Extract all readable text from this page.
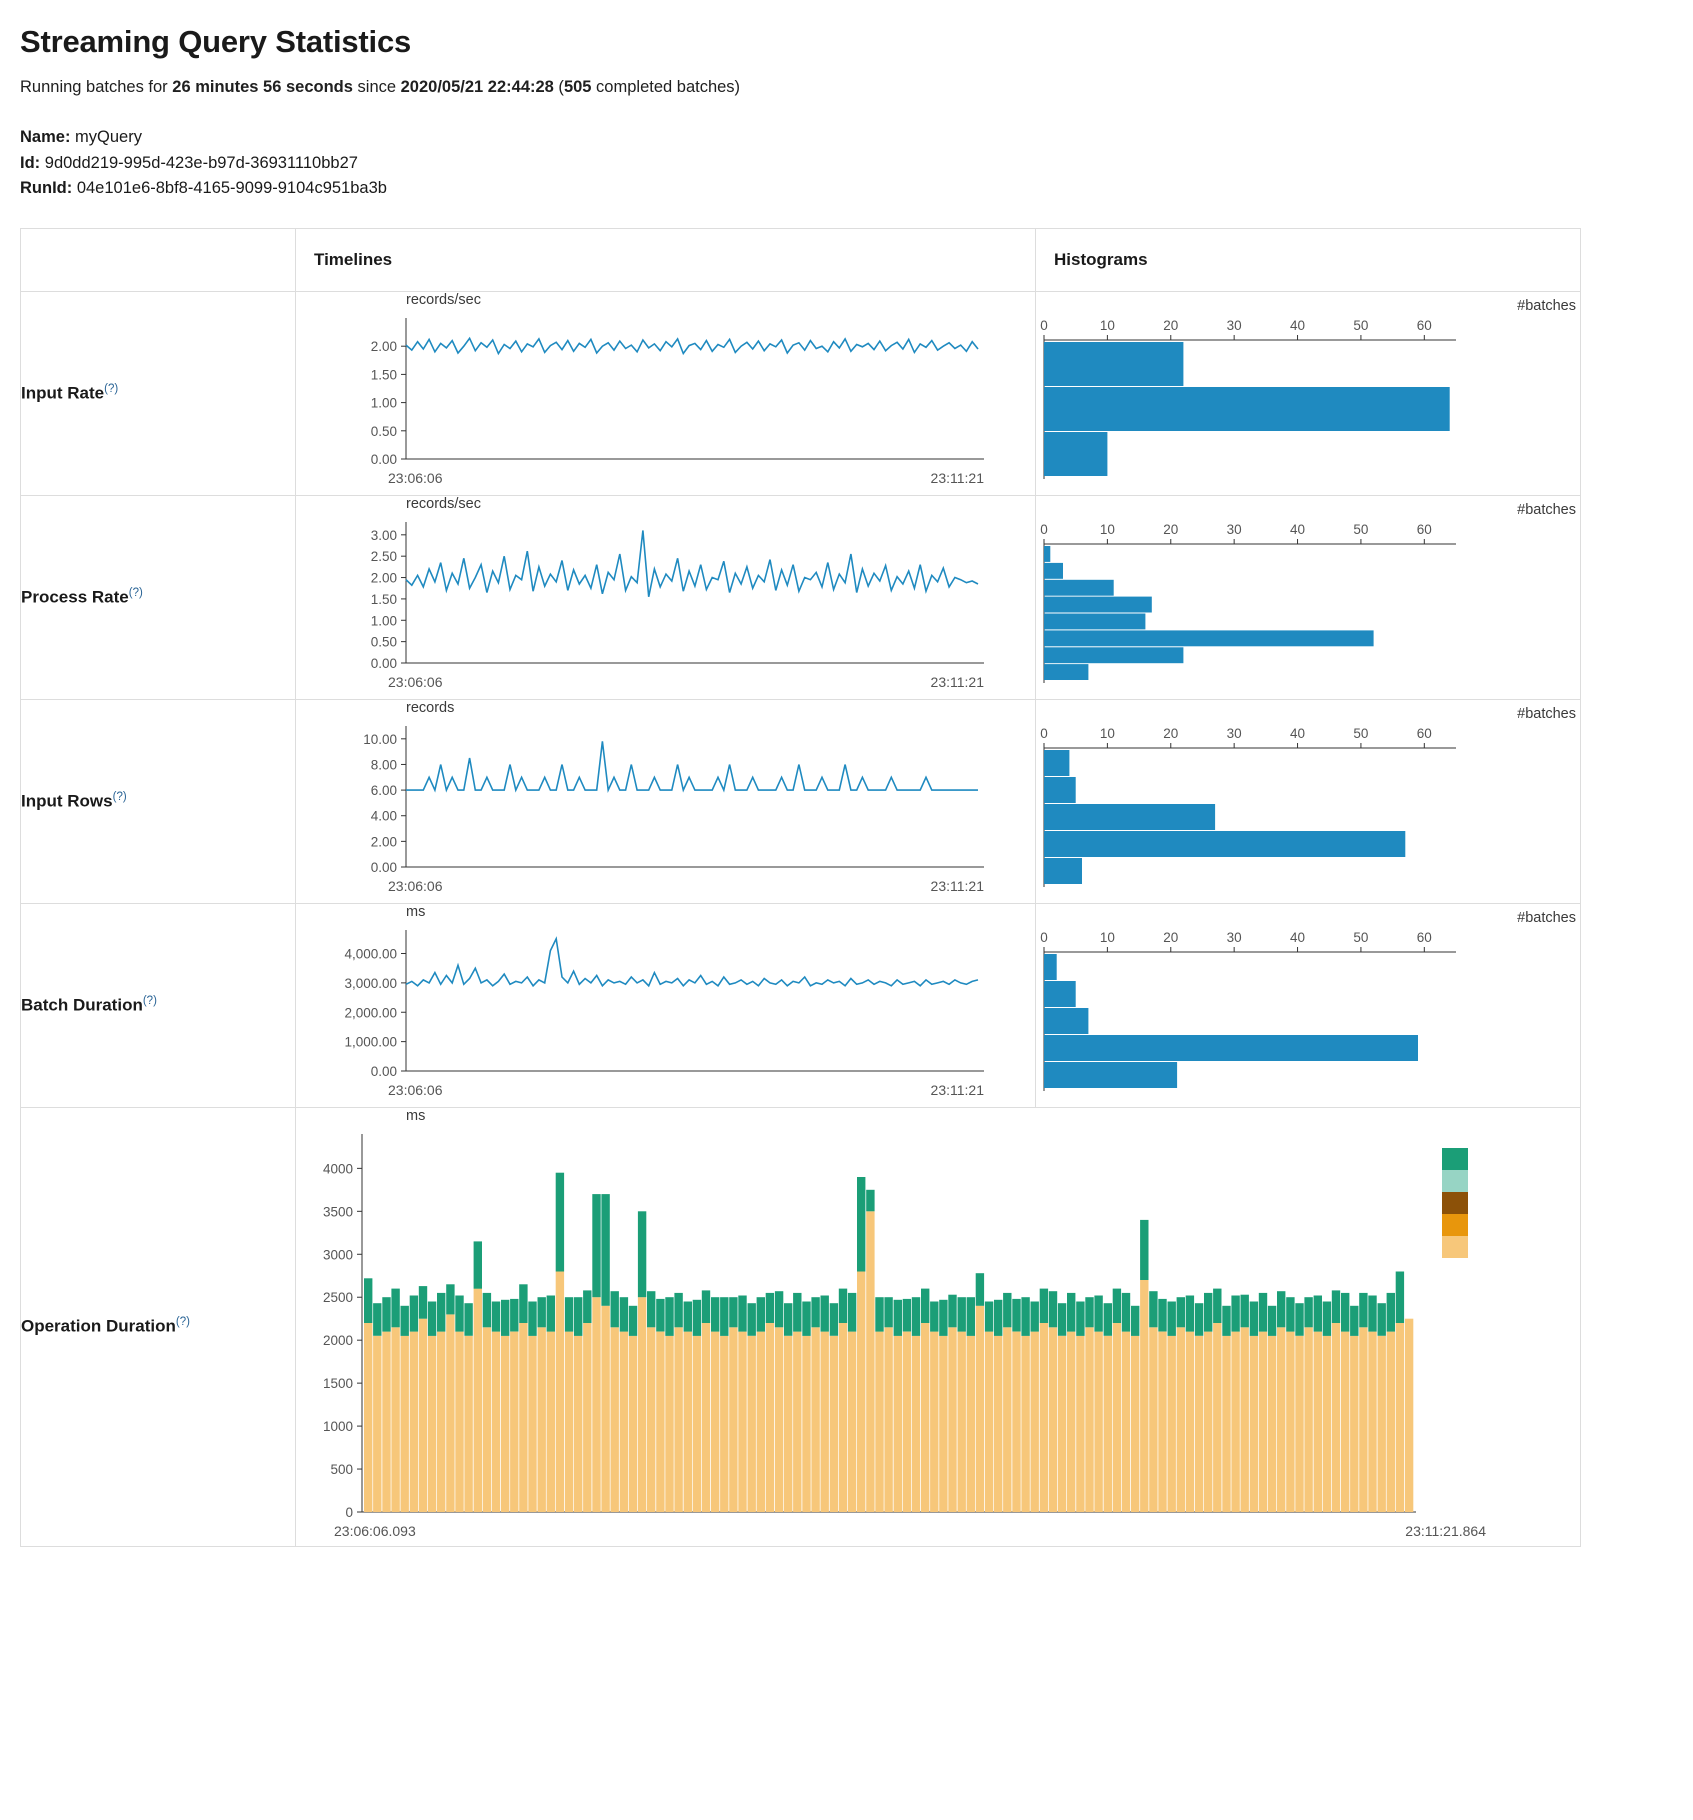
Streaming Query Statistics
Running batches for 26 minutes 56 seconds since 2020/05/21 22:44:28 (505 completed batches)
Name: myQuery
Id: 9d0dd219-995d-423e-b97d-36931110bb27
RunId: 04e101e6-8bf8-4165-9099-9104c951ba3b
	Timelines	Histograms
Input Rate(?)	
records/sec
0.00
0.50
1.00
1.50
2.00
23:06:06	23:11:21

#batches
0	10	20	30	40	50	60

Process Rate(?)	
records/sec
0.00
0.50
1.00
1.50
2.00
2.50
3.00
23:06:06	23:11:21

#batches
0	10	20	30	40	50	60

Input Rows(?)	
records
0.00
2.00
4.00
6.00
8.00
10.00
23:06:06	23:11:21

#batches
0	10	20	30	40	50	60

Batch Duration(?)	
ms
0.00
1,000.00
2,000.00
3,000.00
4,000.00
23:06:06	23:11:21

#batches
0	10	20	30	40	50	60

Operation Duration(?)	
ms
0
500
1000
1500
2000
2500
3000
3500
4000
23:06:06.093	23:11:21.864
